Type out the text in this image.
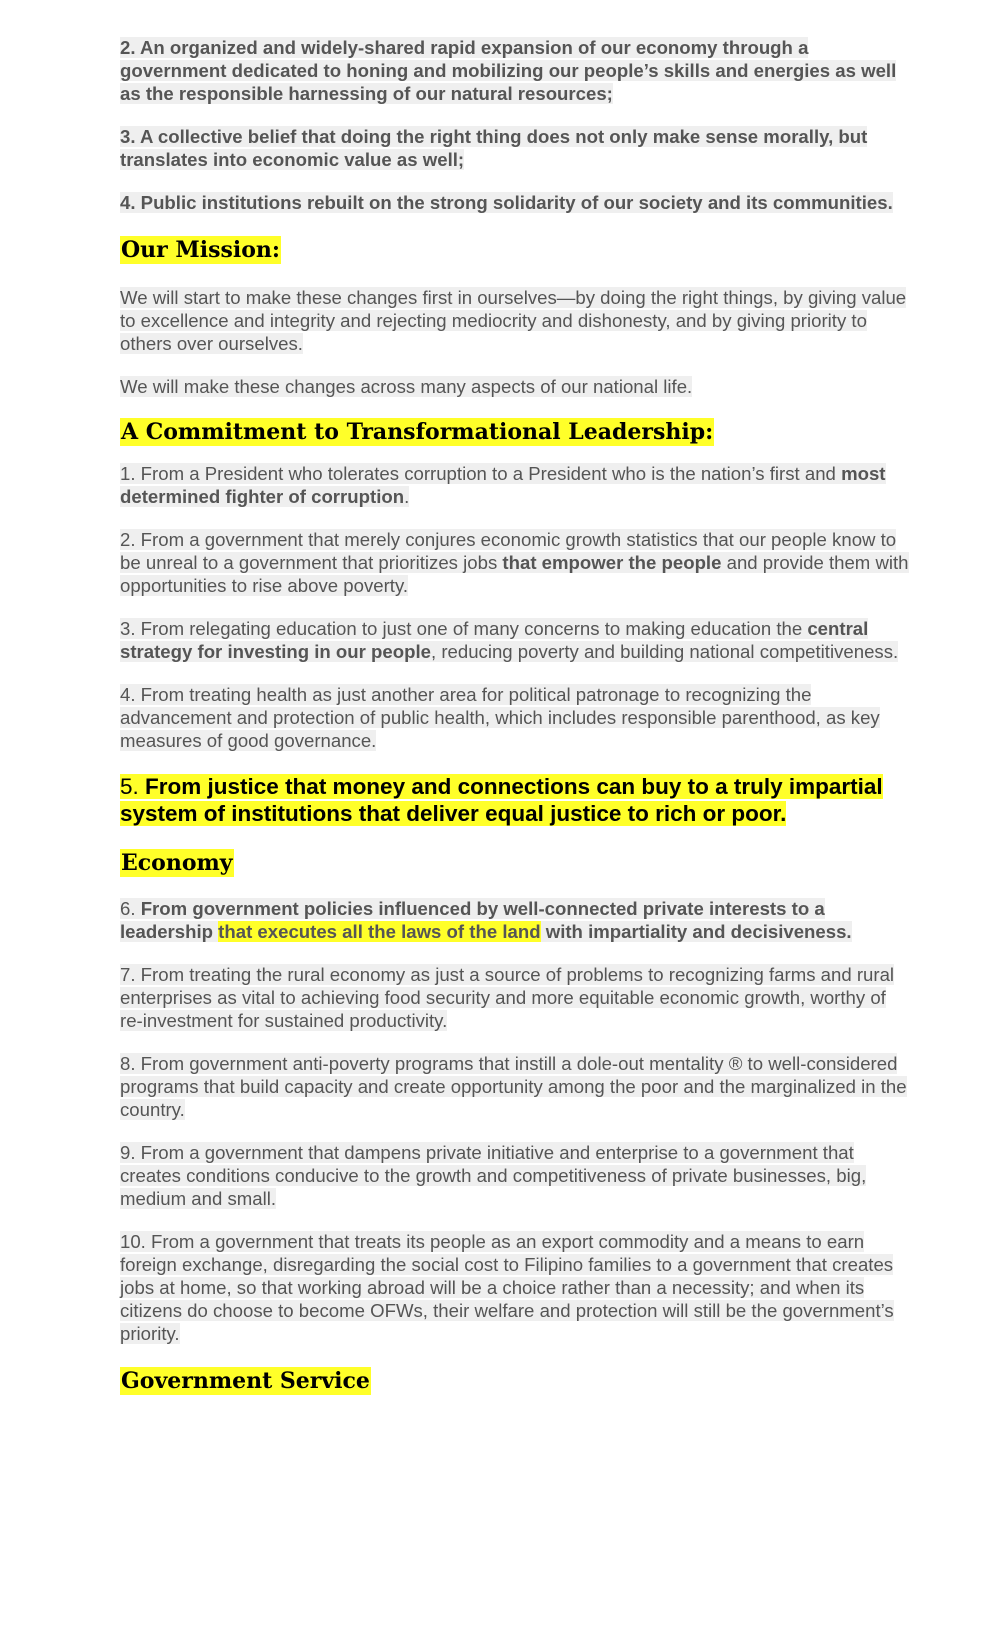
2. An organized and widely-shared rapid expansion of our economy through a government dedicated to honing and mobilizing our people’s skills and energies as well as the responsible harnessing of our natural resources;

3. A collective belief that doing the right thing does not only make sense morally, but translates into economic value as well;

4. Public institutions rebuilt on the strong solidarity of our society and its communities.

Our Mission:

We will start to make these changes first in ourselves—by doing the right things, by giving value to excellence and integrity and rejecting mediocrity and dishonesty, and by giving priority to others over ourselves.

We will make these changes across many aspects of our national life.

A Commitment to Transformational Leadership:

1. From a President who tolerates corruption to a President who is the nation’s first and most determined fighter of corruption.

2. From a government that merely conjures economic growth statistics that our people know to be unreal to a government that prioritizes jobs that empower the people and provide them with opportunities to rise above poverty.

3. From relegating education to just one of many concerns to making education the central strategy for investing in our people, reducing poverty and building national competitiveness.

4. From treating health as just another area for political patronage to recognizing the advancement and protection of public health, which includes responsible parenthood, as key measures of good governance.

5. From justice that money and connections can buy to a truly impartial system of institutions that deliver equal justice to rich or poor.

Economy

6. From government policies influenced by well-connected private interests to a leadership that executes all the laws of the land with impartiality and decisiveness.

7. From treating the rural economy as just a source of problems to recognizing farms and rural enterprises as vital to achieving food security and more equitable economic growth, worthy of re-investment for sustained productivity.

8. From government anti-poverty programs that instill a dole-out mentality ® to well-considered programs that build capacity and create opportunity among the poor and the marginalized in the country.

9. From a government that dampens private initiative and enterprise to a government that creates conditions conducive to the growth and competitiveness of private businesses, big, medium and small.

10. From a government that treats its people as an export commodity and a means to earn foreign exchange, disregarding the social cost to Filipino families to a government that creates jobs at home, so that working abroad will be a choice rather than a necessity; and when its citizens do choose to become OFWs, their welfare and protection will still be the government’s priority.

Government Service
